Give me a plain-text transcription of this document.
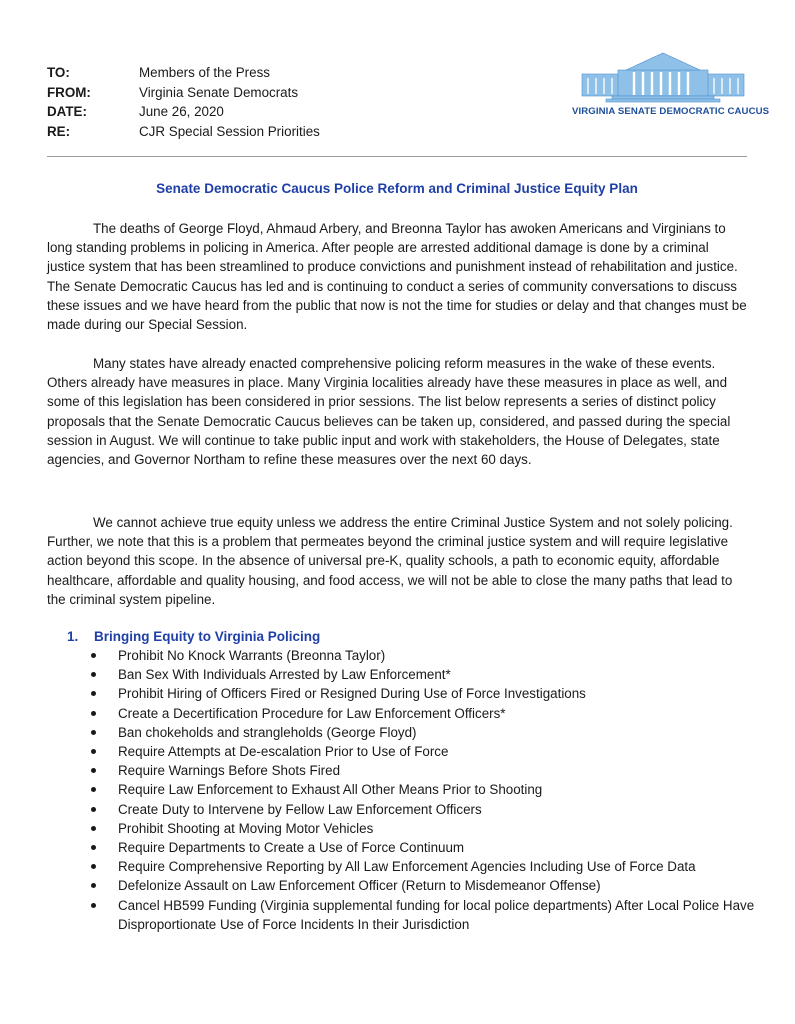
TO:	Members of the Press
FROM:	Virginia Senate Democrats
DATE:	June 26, 2020
RE:	CJR Special Session Priorities
VIRGINIA SENATE DEMOCRATIC CAUCUS
Senate Democratic Caucus Police Reform and Criminal Justice Equity Plan

The deaths of George Floyd, Ahmaud Arbery, and Breonna Taylor has awoken Americans and Virginians to long standing problems in policing in America. After people are arrested additional damage is done by a criminal justice system that has been streamlined to produce convictions and punishment instead of rehabilitation and justice. The Senate Democratic Caucus has led and is continuing to conduct a series of community conversations to discuss these issues and we have heard from the public that now is not the time for studies or delay and that changes must be made during our Special Session.

Many states have already enacted comprehensive policing reform measures in the wake of these events. Others already have measures in place. Many Virginia localities already have these measures in place as well, and some of this legislation has been considered in prior sessions. The list below represents a series of distinct policy proposals that the Senate Democratic Caucus believes can be taken up, considered, and passed during the special session in August. We will continue to take public input and work with stakeholders, the House of Delegates, state agencies, and Governor Northam to refine these measures over the next 60 days.

We cannot achieve true equity unless we address the entire Criminal Justice System and not solely policing. Further, we note that this is a problem that permeates beyond the criminal justice system and will require legislative action beyond this scope. In the absence of universal pre-K, quality schools, a path to economic equity, affordable healthcare, affordable and quality housing, and food access, we will not be able to close the many paths that lead to the criminal system pipeline.

1.	Bringing Equity to Virginia Policing
Prohibit No Knock Warrants (Breonna Taylor)
Ban Sex With Individuals Arrested by Law Enforcement*
Prohibit Hiring of Officers Fired or Resigned During Use of Force Investigations
Create a Decertification Procedure for Law Enforcement Officers*
Ban chokeholds and strangleholds (George Floyd)
Require Attempts at De-escalation Prior to Use of Force
Require Warnings Before Shots Fired
Require Law Enforcement to Exhaust All Other Means Prior to Shooting
Create Duty to Intervene by Fellow Law Enforcement Officers
Prohibit Shooting at Moving Motor Vehicles
Require Departments to Create a Use of Force Continuum
Require Comprehensive Reporting by All Law Enforcement Agencies Including Use of Force Data
Defelonize Assault on Law Enforcement Officer (Return to Misdemeanor Offense)
Cancel HB599 Funding (Virginia supplemental funding for local police departments) After Local Police Have Disproportionate Use of Force Incidents In their Jurisdiction
